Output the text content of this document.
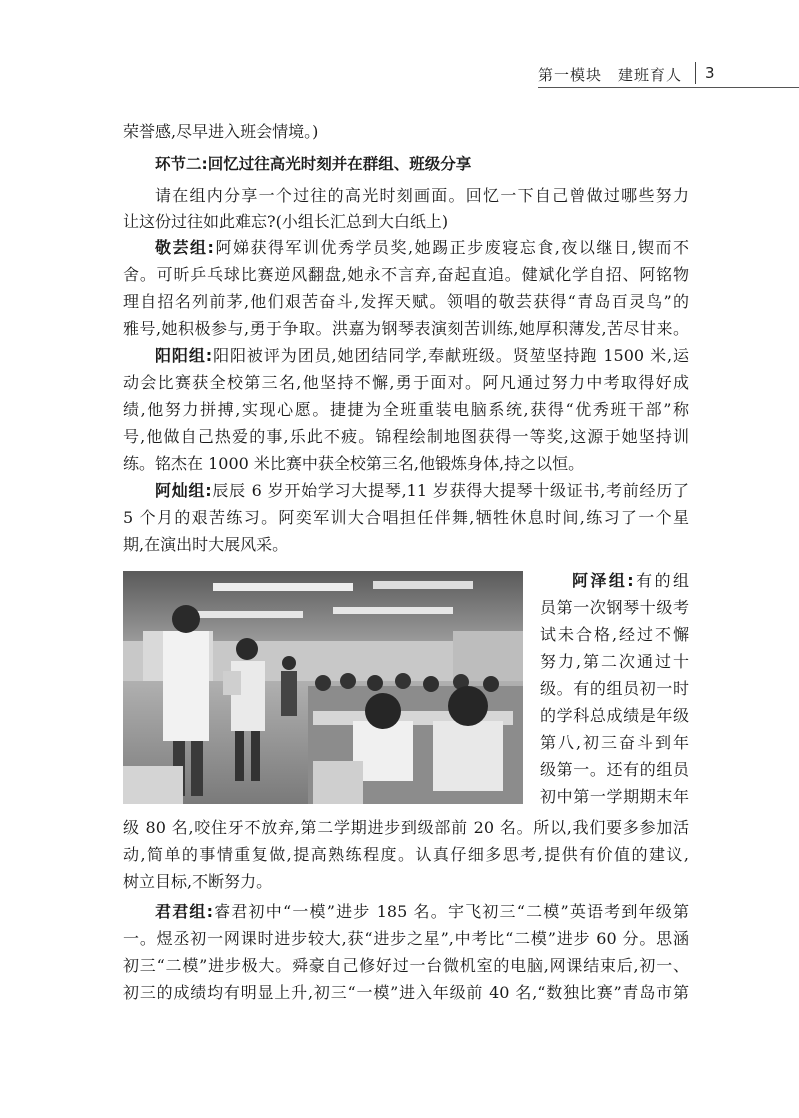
第一模块　建班育人 3
荣誉感,尽早进入班会情境。)
环节二:回忆过往高光时刻并在群组、班级分享
请在组内分享一个过往的高光时刻画面。回忆一下自己曾做过哪些努力
让这份过往如此难忘?(小组长汇总到大白纸上)
敬芸组:阿娣获得军训优秀学员奖,她踢正步废寝忘食,夜以继日,锲而不
舍。可昕乒乓球比赛逆风翻盘,她永不言弃,奋起直追。健斌化学自招、阿铭物
理自招名列前茅,他们艰苦奋斗,发挥天赋。领唱的敬芸获得“青岛百灵鸟”的
雅号,她积极参与,勇于争取。洪嘉为钢琴表演刻苦训练,她厚积薄发,苦尽甘来。
阳阳组:阳阳被评为团员,她团结同学,奉献班级。贤堃坚持跑 1500 米,运
动会比赛获全校第三名,他坚持不懈,勇于面对。阿凡通过努力中考取得好成
绩,他努力拼搏,实现心愿。捷捷为全班重装电脑系统,获得“优秀班干部”称
号,他做自己热爱的事,乐此不疲。锦程绘制地图获得一等奖,这源于她坚持训
练。铭杰在 1000 米比赛中获全校第三名,他锻炼身体,持之以恒。
阿灿组:辰辰 6 岁开始学习大提琴,11 岁获得大提琴十级证书,考前经历了
5 个月的艰苦练习。阿奕军训大合唱担任伴舞,牺牲休息时间,练习了一个星
期,在演出时大展风采。
阿泽组:有的组
员第一次钢琴十级考
试未合格,经过不懈
努力,第二次通过十
级。有的组员初一时
的学科总成绩是年级
第八,初三奋斗到年
级第一。还有的组员
初中第一学期期末年
级 80 名,咬住牙不放弃,第二学期进步到级部前 20 名。所以,我们要多参加活
动,简单的事情重复做,提高熟练程度。认真仔细多思考,提供有价值的建议,
树立目标,不断努力。
君君组:睿君初中“一模”进步 185 名。宇飞初三“二模”英语考到年级第
一。煜丞初一网课时进步较大,获“进步之星”,中考比“二模”进步 60 分。思涵
初三“二模”进步极大。舜豪自己修好过一台微机室的电脑,网课结束后,初一、
初三的成绩均有明显上升,初三“一模”进入年级前 40 名,“数独比赛”青岛市第
